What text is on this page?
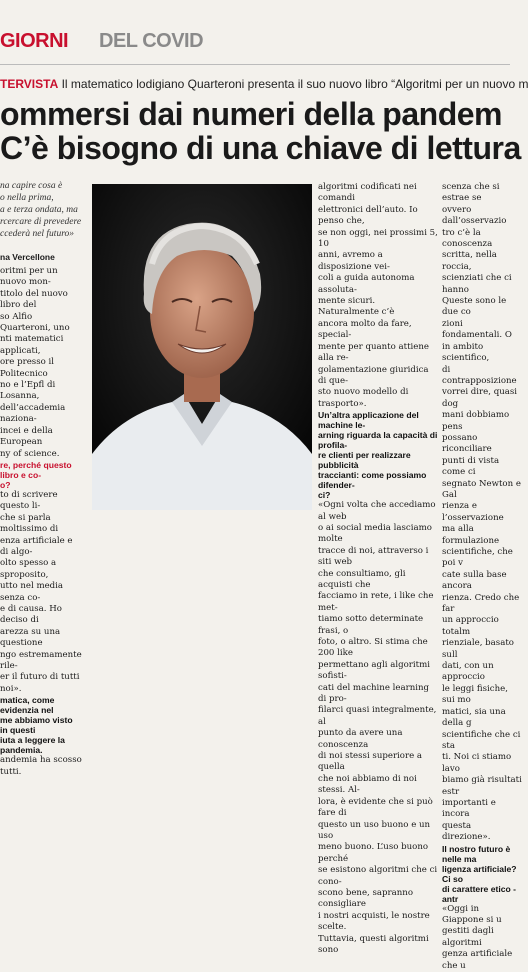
GIORNI DEL COVID
TERVISTA Il matematico lodigiano Quarteroni presenta il suo nuovo libro “Algoritmi per un nuovo m
ommersi dai numeri della pandem
C’è bisogno di una chiave di lettura
na capire cosa è
o nella prima,
a e terza ondata, ma
rcercare di prevedere
ccederà nel futuro»
na Vercellone
oritmi per un nuovo mon-
titolo del nuovo libro del
so Alfio Quarteroni, uno
nti matematici applicati,
ore presso il Politecnico
no e l’Epfl di Losanna,
dell’accademia naziona-
incei e della European
ny of science.
re, perché questo libro e co-
o?
to di scrivere questo li-
che si parla moltissimo di
enza artificiale e di algo-
olto spesso a sproposito,
utto nel media senza co-
e di causa. Ho deciso di
arezza su una questione
ngo estremamente rile-
er il futuro di tutti noi».
matica, come evidenzia nel
me abbiamo visto in questi
iuta a leggere la pandemia.
andemia ha scosso tutti.
algoritmi codificati nei comandi
elettronici dell’auto. Io penso che,
se non oggi, nei prossimi 5, 10
anni, avremo a disposizione vei-
coli a guida autonoma assoluta-
mente sicuri. Naturalmente c’è
ancora molto da fare, special-
mente per quanto attiene alla re-
golamentazione giuridica di que-
sto nuovo modello di trasporto».
Un’altra applicazione del machine le-
arning riguarda la capacità di profila-
re clienti per realizzare pubblicità
traccianti: come possiamo difender-
ci?
«Ogni volta che accediamo al web
o ai social media lasciamo molte
tracce di noi, attraverso i siti web
che consultiamo, gli acquisti che
facciamo in rete, i like che met-
tiamo sotto determinate frasi, o
foto, o altro. Si stima che 200 like
permettano agli algoritmi sofisti-
cati del machine learning di pro-
filarci quasi integralmente, al
punto da avere una conoscenza
di noi stessi superiore a quella
che noi abbiamo di noi stessi. Al-
lora, è evidente che si può fare di
questo un uso buono e un uso
meno buono. L’uso buono perché
se esistono algoritmi che ci cono-
scono bene, sapranno consigliare
i nostri acquisti, le nostre scelte.
Tuttavia, questi algoritmi sono
scenza che si estrae se
ovvero dall’osservazio
tro c’è la conoscenza
scritta, nella roccia,
scienziati che ci hanno
Queste sono le due co
zioni fondamentali. O
in ambito scientifico,
di contrapposizione
vorrei dire, quasi dog
mani dobbiamo pens
possano riconciliare
punti di vista come ci
segnato Newton e Gal
rienza e l’osservazione
ma alla formulazione
scientifiche, che poi v
cate sulla base ancora
rienza. Credo che far
un approccio totalm
rienziale, basato sull
dati, con un approccio
le leggi fisiche, sui mo
matici, sia una della g
scientifiche che ci sta
ti. Noi ci stiamo lavo
biamo già risultati estr
importanti e incora
questa direzione».
Il nostro futuro è nelle ma
ligenza artificiale? Ci so
di carattere etico - antr
«Oggi in Giappone si u
gestiti dagli algoritmi
genza artificiale che u
